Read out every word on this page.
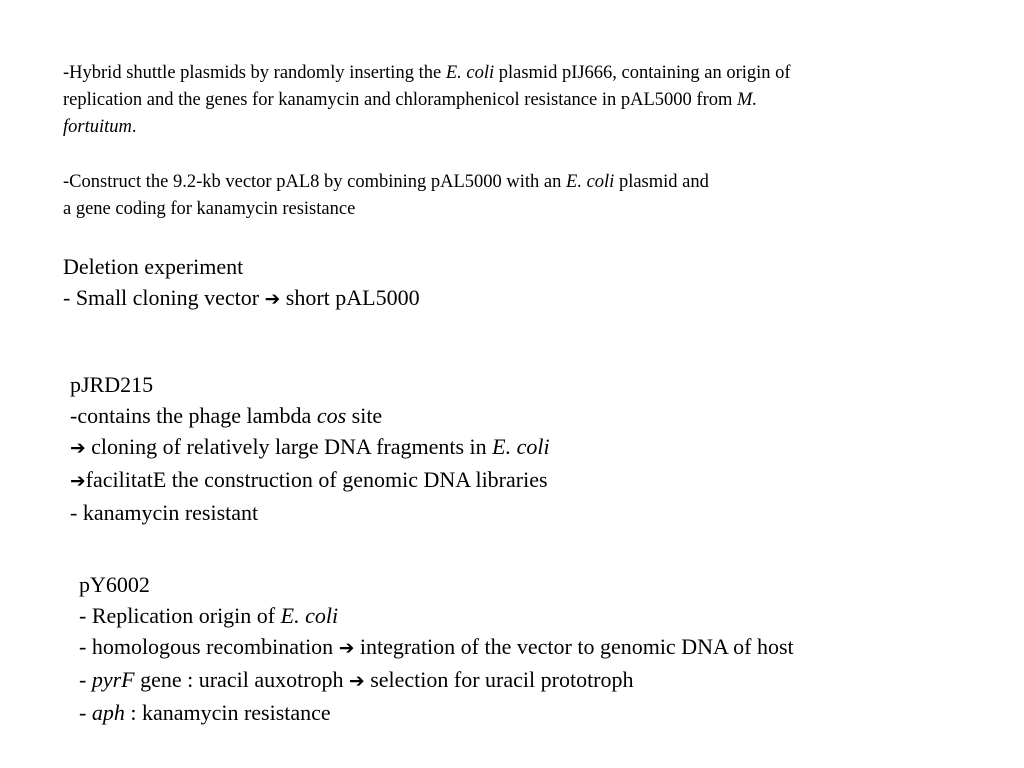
-Hybrid shuttle plasmids by randomly inserting the E. coli plasmid pIJ666, containing an origin of
replication and the genes for kanamycin and chloramphenicol resistance in pAL5000 from M.
fortuitum.
-Construct the 9.2-kb vector pAL8 by combining pAL5000 with an E. coli plasmid and
a gene coding for kanamycin resistance
Deletion experiment
- Small cloning vector ➔ short pAL5000
pJRD215
-contains the phage lambda cos site
➔ cloning of relatively large DNA fragments in E. coli
➔facilitatE the construction of genomic DNA libraries
- kanamycin resistant
pY6002
- Replication origin of E. coli
- homologous recombination ➔ integration of the vector to genomic DNA of host
- pyrF gene : uracil auxotroph ➔ selection for uracil prototroph
- aph : kanamycin resistance
